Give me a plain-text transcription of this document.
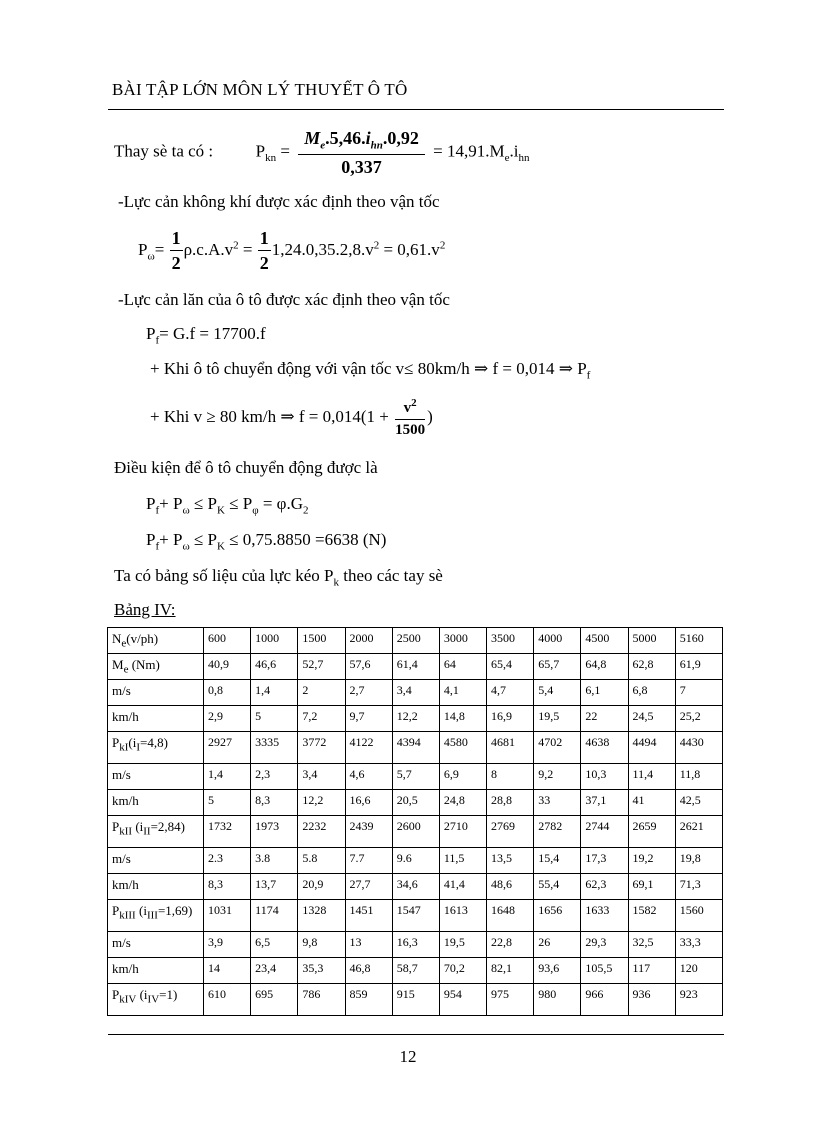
BÀI TẬP LỚN MÔN LÝ THUYẾT Ô TÔ
Thay sè ta có :	$P_{kn} = \frac{M_e.5,46.i_{hn}.0,92}{0,337} = 14,91.M_e.i_{hn}$
-Lực cản không khí được xác định theo vận tốc
$P_\omega= \frac{1}{2} \rho.c.A.v^2 = \frac{1}{2} 1,24.0,35.2,8.v^2 = 0,61.v^2$
-Lực cản lăn của ô tô được xác định theo vận tốc
$P_f= G.f = 17700.f$
+ Khi ô tô chuyển động với vận tốc v≤ 80km/h ⇒ f = 0,014 ⇒ $P_f$
+ Khi v ≥ 80 km/h ⇒ $f = 0,014(1 + \frac{v^2}{1500}$ )
Điều kiện để ô tô chuyển động được là
$P_f+ P_\omega \le P_K \le P_\varphi = \varphi.G_2$
$P_f+ P_\omega \le P_K \le 0,75.8850 =6638$ (N)
Ta có bảng số liệu của lực kéo $P_k$ theo các tay sè
Bảng IV:
$N_e(v/ph)$	600	1000	1500	2000	2500	3000	3500	4000	4500	5000	5160
$M_e$ (Nm)	40,9	46,6	52,7	57,6	61,4	64	65,4	65,7	64,8	62,8	61,9
m/s	0,8	1,4	2	2,7	3,4	4,1	4,7	5,4	6,1	6,8	7
km/h	2,9	5	7,2	9,7	12,2	14,8	16,9	19,5	22	24,5	25,2
$P_{kI}(i_I=4,8)$	2927	3335	3772	4122	4394	4580	4681	4702	4638	4494	4430
m/s	1,4	2,3	3,4	4,6	5,7	6,9	8	9,2	10,3	11,4	11,8
km/h	5	8,3	12,2	16,6	20,5	24,8	28,8	33	37,1	41	42,5
$P_{kII}$ $(i_{II}=2,84)$	1732	1973	2232	2439	2600	2710	2769	2782	2744	2659	2621
m/s	2.3	3.8	5.8	7.7	9.6	11,5	13,5	15,4	17,3	19,2	19,8
km/h	8,3	13,7	20,9	27,7	34,6	41,4	48,6	55,4	62,3	69,1	71,3
$P_{kIII}$ $(i_{III}=1,69)$	1031	1174	1328	1451	1547	1613	1648	1656	1633	1582	1560
m/s	3,9	6,5	9,8	13	16,3	19,5	22,8	26	29,3	32,5	33,3
km/h	14	23,4	35,3	46,8	58,7	70,2	82,1	93,6	105,5	117	120
$P_{kIV}$ $(i_{IV}=1)$	610	695	786	859	915	954	975	980	966	936	923
12
